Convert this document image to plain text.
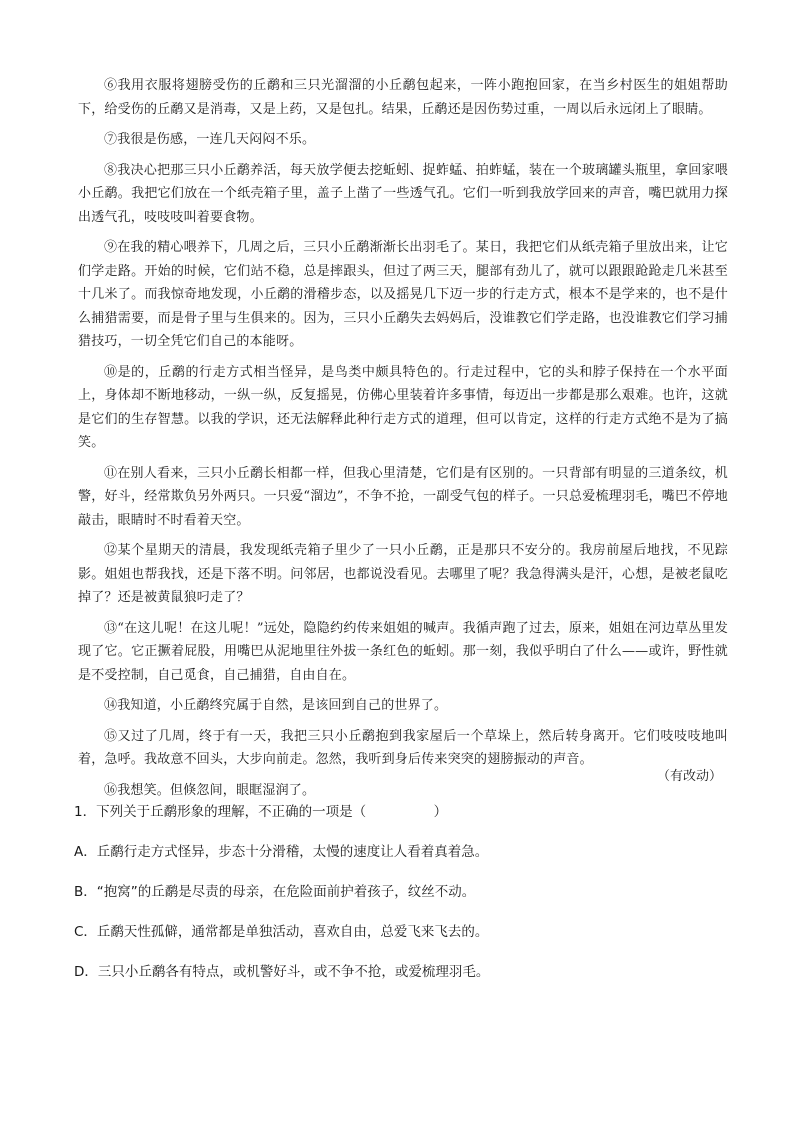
⑥我用衣服将翅膀受伤的丘鹬和三只光溜溜的小丘鹬包起来，一阵小跑抱回家，在当乡村医生的姐姐帮助下，给受伤的丘鹬又是消毒，又是上药，又是包扎。结果，丘鹬还是因伤势过重，一周以后永远闭上了眼睛。

⑦我很是伤感，一连几天闷闷不乐。

⑧我决心把那三只小丘鹬养活，每天放学便去挖蚯蚓、捉蚱蜢、拍蚱蜢，装在一个玻璃罐头瓶里，拿回家喂小丘鹬。我把它们放在一个纸壳箱子里，盖子上凿了一些透气孔。它们一听到我放学回来的声音，嘴巴就用力探出透气孔，吱吱吱叫着要食物。

⑨在我的精心喂养下，几周之后，三只小丘鹬渐渐长出羽毛了。某日，我把它们从纸壳箱子里放出来，让它们学走路。开始的时候，它们站不稳，总是摔跟头，但过了两三天，腿部有劲儿了，就可以跟跟跄跄走几米甚至十几米了。而我惊奇地发现，小丘鹬的滑稽步态，以及摇晃几下迈一步的行走方式，根本不是学来的，也不是什么捕猎需要，而是骨子里与生俱来的。因为，三只小丘鹬失去妈妈后，没谁教它们学走路，也没谁教它们学习捕猎技巧，一切全凭它们自己的本能呀。

⑩是的，丘鹬的行走方式相当怪异，是鸟类中颇具特色的。行走过程中，它的头和脖子保持在一个水平面上，身体却不断地移动，一纵一纵，反复摇晃，仿佛心里装着许多事情，每迈出一步都是那么艰难。也许，这就是它们的生存智慧。以我的学识，还无法解释此种行走方式的道理，但可以肯定，这样的行走方式绝不是为了搞笑。

⑪在别人看来，三只小丘鹬长相都一样，但我心里清楚，它们是有区别的。一只背部有明显的三道条纹，机警，好斗，经常欺负另外两只。一只爱“溜边”，不争不抢，一副受气包的样子。一只总爱梳理羽毛，嘴巴不停地敲击，眼睛时不时看着天空。

⑫某个星期天的清晨，我发现纸壳箱子里少了一只小丘鹬，正是那只不安分的。我房前屋后地找，不见踪影。姐姐也帮我找，还是下落不明。问邻居，也都说没看见。去哪里了呢？我急得满头是汗，心想，是被老鼠吃掉了？还是被黄鼠狼叼走了？

⑬“在这儿呢！在这儿呢！”远处，隐隐约约传来姐姐的喊声。我循声跑了过去，原来，姐姐在河边草丛里发现了它。它正撅着屁股，用嘴巴从泥地里往外拔一条红色的蚯蚓。那一刻，我似乎明白了什么——或许，野性就是不受控制，自己觅食，自己捕猎，自由自在。

⑭我知道，小丘鹬终究属于自然，是该回到自己的世界了。

⑮又过了几周，终于有一天，我把三只小丘鹬抱到我家屋后一个草垛上，然后转身离开。它们吱吱吱地叫着，急呼。我故意不回头，大步向前走。忽然，我听到身后传来突突的翅膀振动的声音。

⑯我想笑。但倏忽间，眼眶湿润了。

（有改动）

1．下列关于丘鹬形象的理解，不正确的一项是（　　　　　）

A．丘鹬行走方式怪异，步态十分滑稽，太慢的速度让人看着真着急。

B．“抱窝”的丘鹬是尽责的母亲，在危险面前护着孩子，纹丝不动。

C．丘鹬天性孤僻，通常都是单独活动，喜欢自由，总爱飞来飞去的。

D．三只小丘鹬各有特点，或机警好斗，或不争不抢，或爱梳理羽毛。
